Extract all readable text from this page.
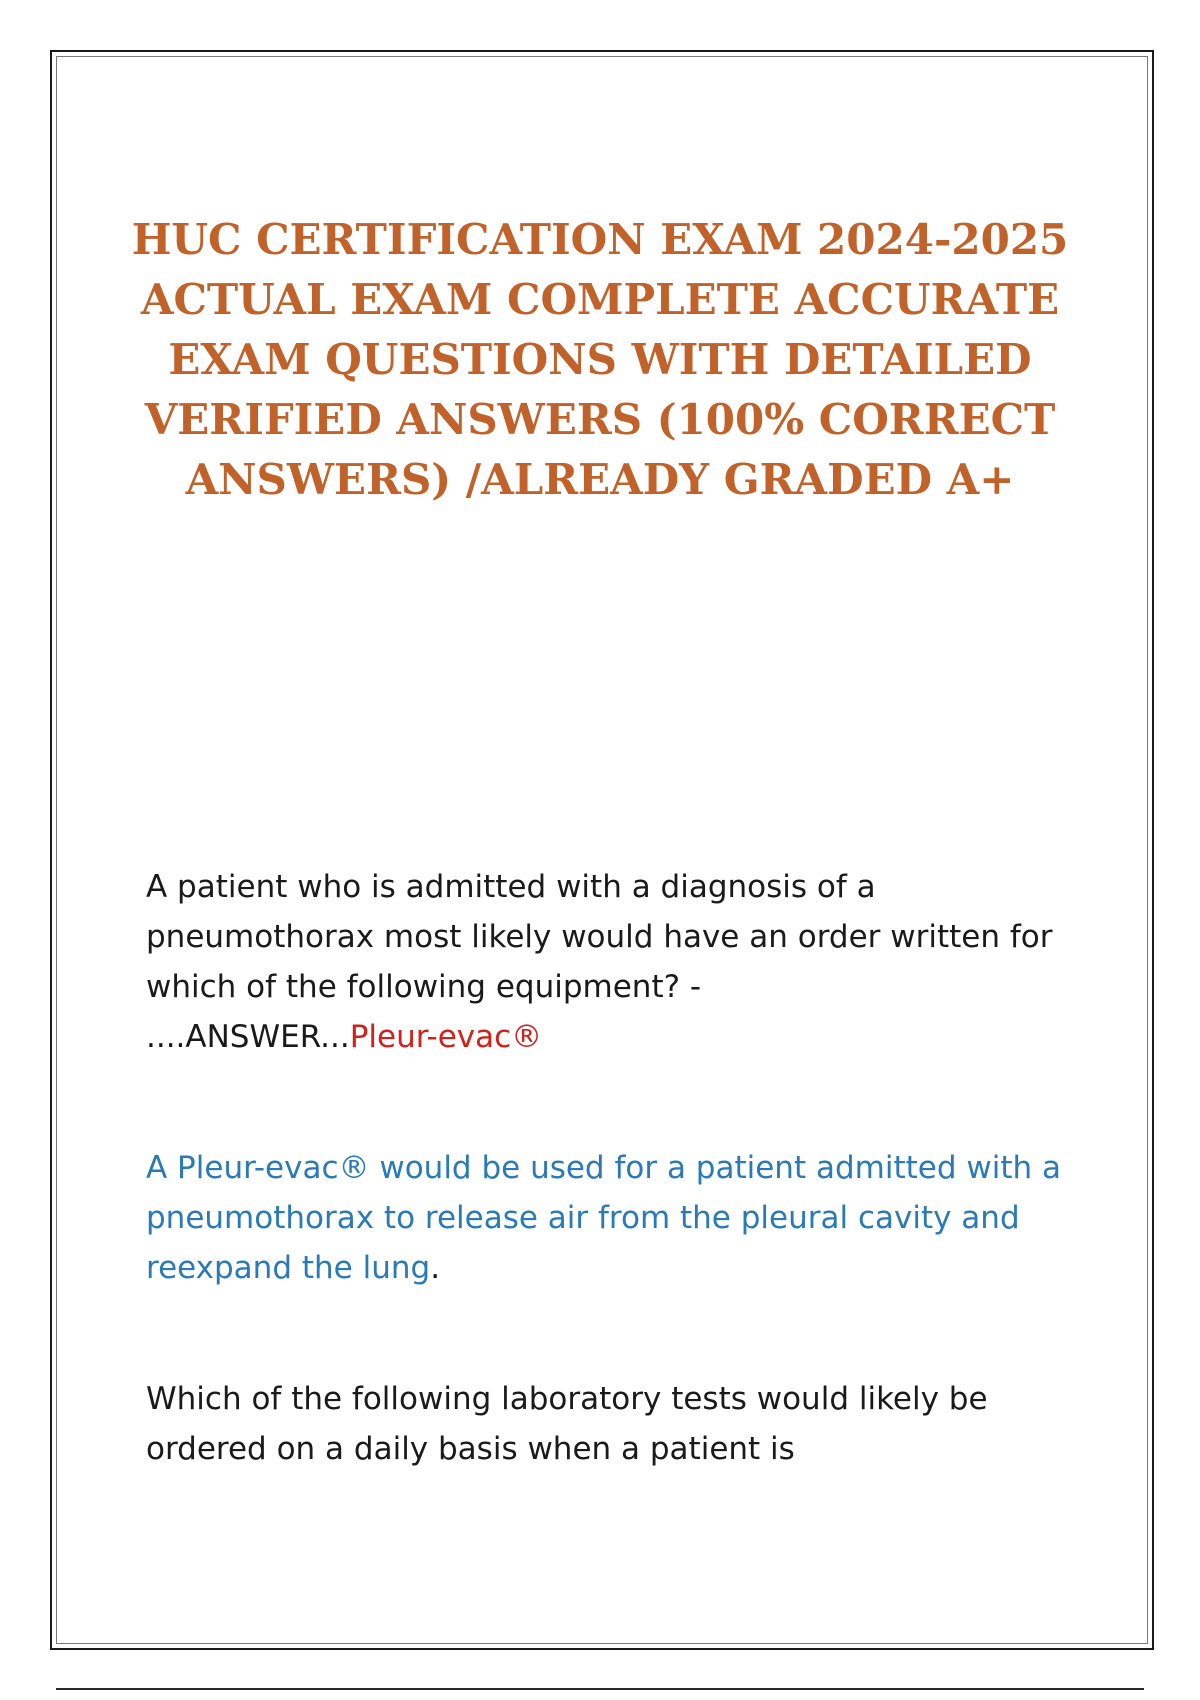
HUC CERTIFICATION EXAM 2024-2025 ACTUAL EXAM COMPLETE ACCURATE EXAM QUESTIONS WITH DETAILED VERIFIED ANSWERS (100% CORRECT ANSWERS) /ALREADY GRADED A+

A patient who is admitted with a diagnosis of a pneumothorax most likely would have an order written for which of the following equipment? -
....ANSWER...Pleur-evac®

A Pleur-evac® would be used for a patient admitted with a pneumothorax to release air from the pleural cavity and reexpand the lung.

Which of the following laboratory tests would likely be ordered on a daily basis when a patient is
